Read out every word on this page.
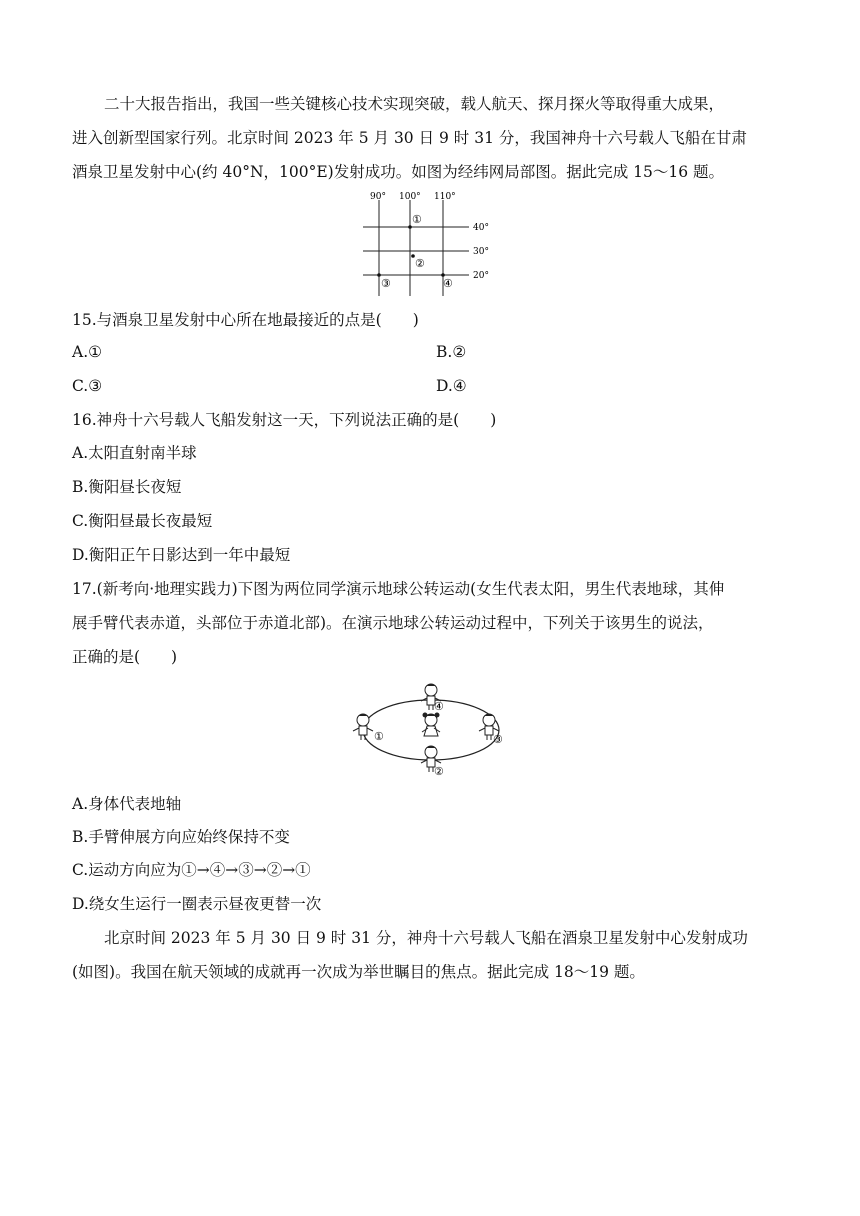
二十大报告指出，我国一些关键核心技术实现突破，载人航天、探月探火等取得重大成果，
进入创新型国家行列。北京时间 2023 年 5 月 30 日 9 时 31 分，我国神舟十六号载人飞船在甘肃
酒泉卫星发射中心(约 40°N，100°E)发射成功。如图为经纬网局部图。据此完成 15～16 题。
90° 100° 110°
40°
30°
20°
①
②
③	④
15.与酒泉卫星发射中心所在地最接近的点是(　　)
A.①	B.②
C.③	D.④
16.神舟十六号载人飞船发射这一天，下列说法正确的是(　　)
A.太阳直射南半球
B.衡阳昼长夜短
C.衡阳昼最长夜最短
D.衡阳正午日影达到一年中最短
17.(新考向·地理实践力)下图为两位同学演示地球公转运动(女生代表太阳，男生代表地球，其伸
展手臂代表赤道，头部位于赤道北部)。在演示地球公转运动过程中，下列关于该男生的说法，
正确的是(　　)
①
②
③
④
A.身体代表地轴
B.手臂伸展方向应始终保持不变
C.运动方向应为①→④→③→②→①
D.绕女生运行一圈表示昼夜更替一次
北京时间 2023 年 5 月 30 日 9 时 31 分，神舟十六号载人飞船在酒泉卫星发射中心发射成功
(如图)。我国在航天领域的成就再一次成为举世瞩目的焦点。据此完成 18～19 题。
